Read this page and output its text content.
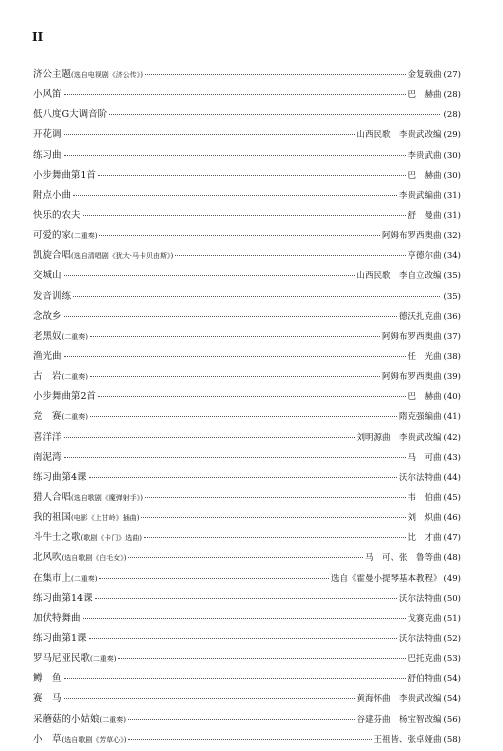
II
济公主题(选自电视剧《济公传》)	金复载曲 (27)
小风笛	巴　赫曲 (28)
低八度G大调音阶	(28)
开花调	山西民歌　李贵武改编 (29)
练习曲	李贵武曲 (30)
小步舞曲第1首	巴　赫曲 (30)
附点小曲	李贵武编曲 (31)
快乐的农夫	舒　曼曲 (31)
可爱的家(二重奏)	阿姆布罗西奥曲 (32)
凯旋合唱(选自清唱剧《犹大·马卡贝由斯》)	亨德尔曲 (34)
交城山	山西民歌　李自立改编 (35)
发音训练	(35)
念故乡	德沃扎克曲 (36)
老黑奴(二重奏)	阿姆布罗西奥曲 (37)
渔光曲	任　光曲 (38)
古　岩(二重奏)	阿姆布罗西奥曲 (39)
小步舞曲第2首	巴　赫曲 (40)
竞　赛(二重奏)	隋克强编曲 (41)
喜洋洋	刘明源曲　李贵武改编 (42)
南泥湾	马　可曲 (43)
练习曲第4课	沃尔法特曲 (44)
猎人合唱(选自歌剧《魔弹射手》)	韦　伯曲 (45)
我的祖国(电影《上甘岭》插曲)	刘　炽曲 (46)
斗牛士之歌(歌剧《卡门》选曲)	比　才曲 (47)
北风吹(选自歌剧《白毛女》)	马　可、张　鲁等曲 (48)
在集市上(二重奏)	选自《霍曼小提琴基本教程》 (49)
练习曲第14课	沃尔法特曲 (50)
加伏特舞曲	戈赛克曲 (51)
练习曲第1课	沃尔法特曲 (52)
罗马尼亚民歌(二重奏)	巴托克曲 (53)
鳟　鱼	舒伯特曲 (54)
赛　马	黄海怀曲　李贵武改编 (54)
采蘑菇的小姑娘(二重奏)	谷建芬曲　杨宝智改编 (56)
小　草(选自歌剧《芳草心》)	王祖皆、张卓娅曲 (58)
